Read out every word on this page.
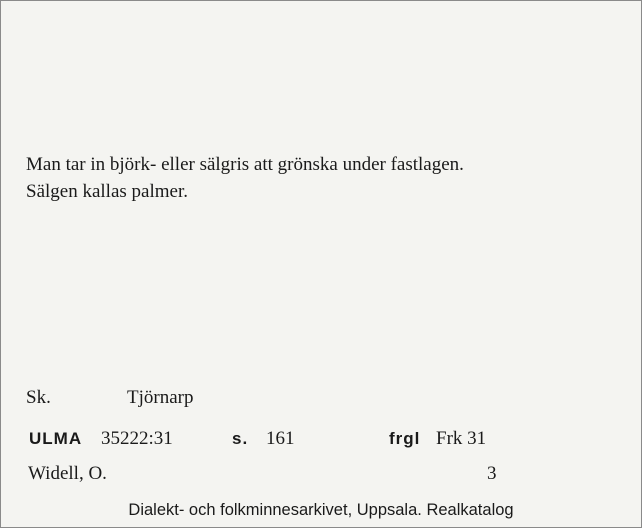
Man tar in björk- eller sälgris att grönska under fastlagen.
Sälgen kallas palmer.
Sk.	Tjörnarp
ULMA 35222:31	s. 161	frgl Frk 31
Widell, O.	3
Dialekt- och folkminnesarkivet, Uppsala. Realkatalog
